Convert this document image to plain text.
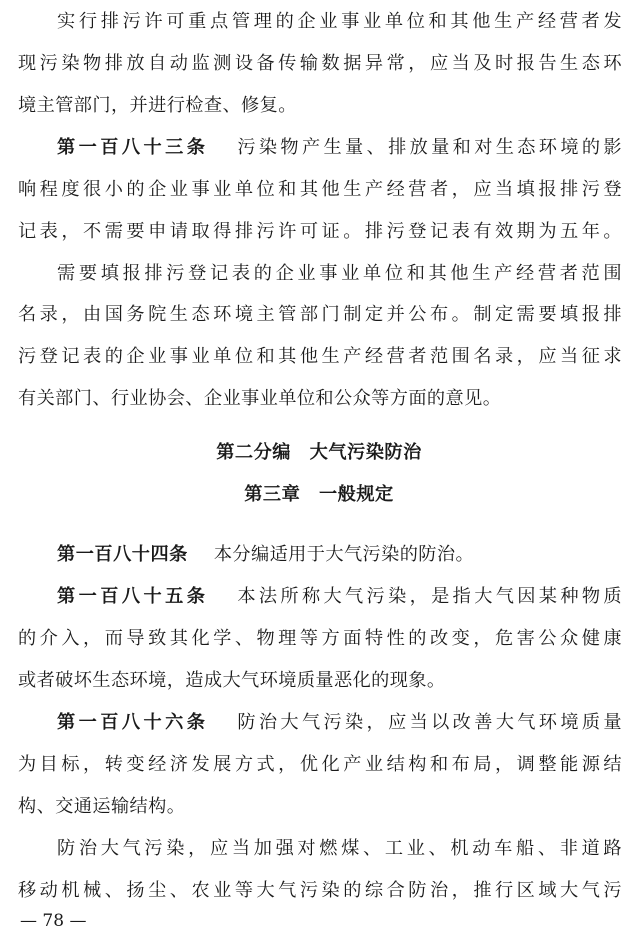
实行排污许可重点管理的企业事业单位和其他生产经营者发
现污染物排放自动监测设备传输数据异常，应当及时报告生态环
境主管部门，并进行检查、修复。
第一百八十三条 污染物产生量、排放量和对生态环境的影
响程度很小的企业事业单位和其他生产经营者，应当填报排污登
记表，不需要申请取得排污许可证。排污登记表有效期为五年。
需要填报排污登记表的企业事业单位和其他生产经营者范围
名录，由国务院生态环境主管部门制定并公布。制定需要填报排
污登记表的企业事业单位和其他生产经营者范围名录，应当征求
有关部门、行业协会、企业事业单位和公众等方面的意见。
第二分编　大气污染防治
第三章　一般规定
第一百八十四条 本分编适用于大气污染的防治。
第一百八十五条 本法所称大气污染，是指大气因某种物质
的介入，而导致其化学、物理等方面特性的改变，危害公众健康
或者破坏生态环境，造成大气环境质量恶化的现象。
第一百八十六条 防治大气污染，应当以改善大气环境质量
为目标，转变经济发展方式，优化产业结构和布局，调整能源结
构、交通运输结构。
防治大气污染，应当加强对燃煤、工业、机动车船、非道路
移动机械、扬尘、农业等大气污染的综合防治，推行区域大气污
— 78 —
